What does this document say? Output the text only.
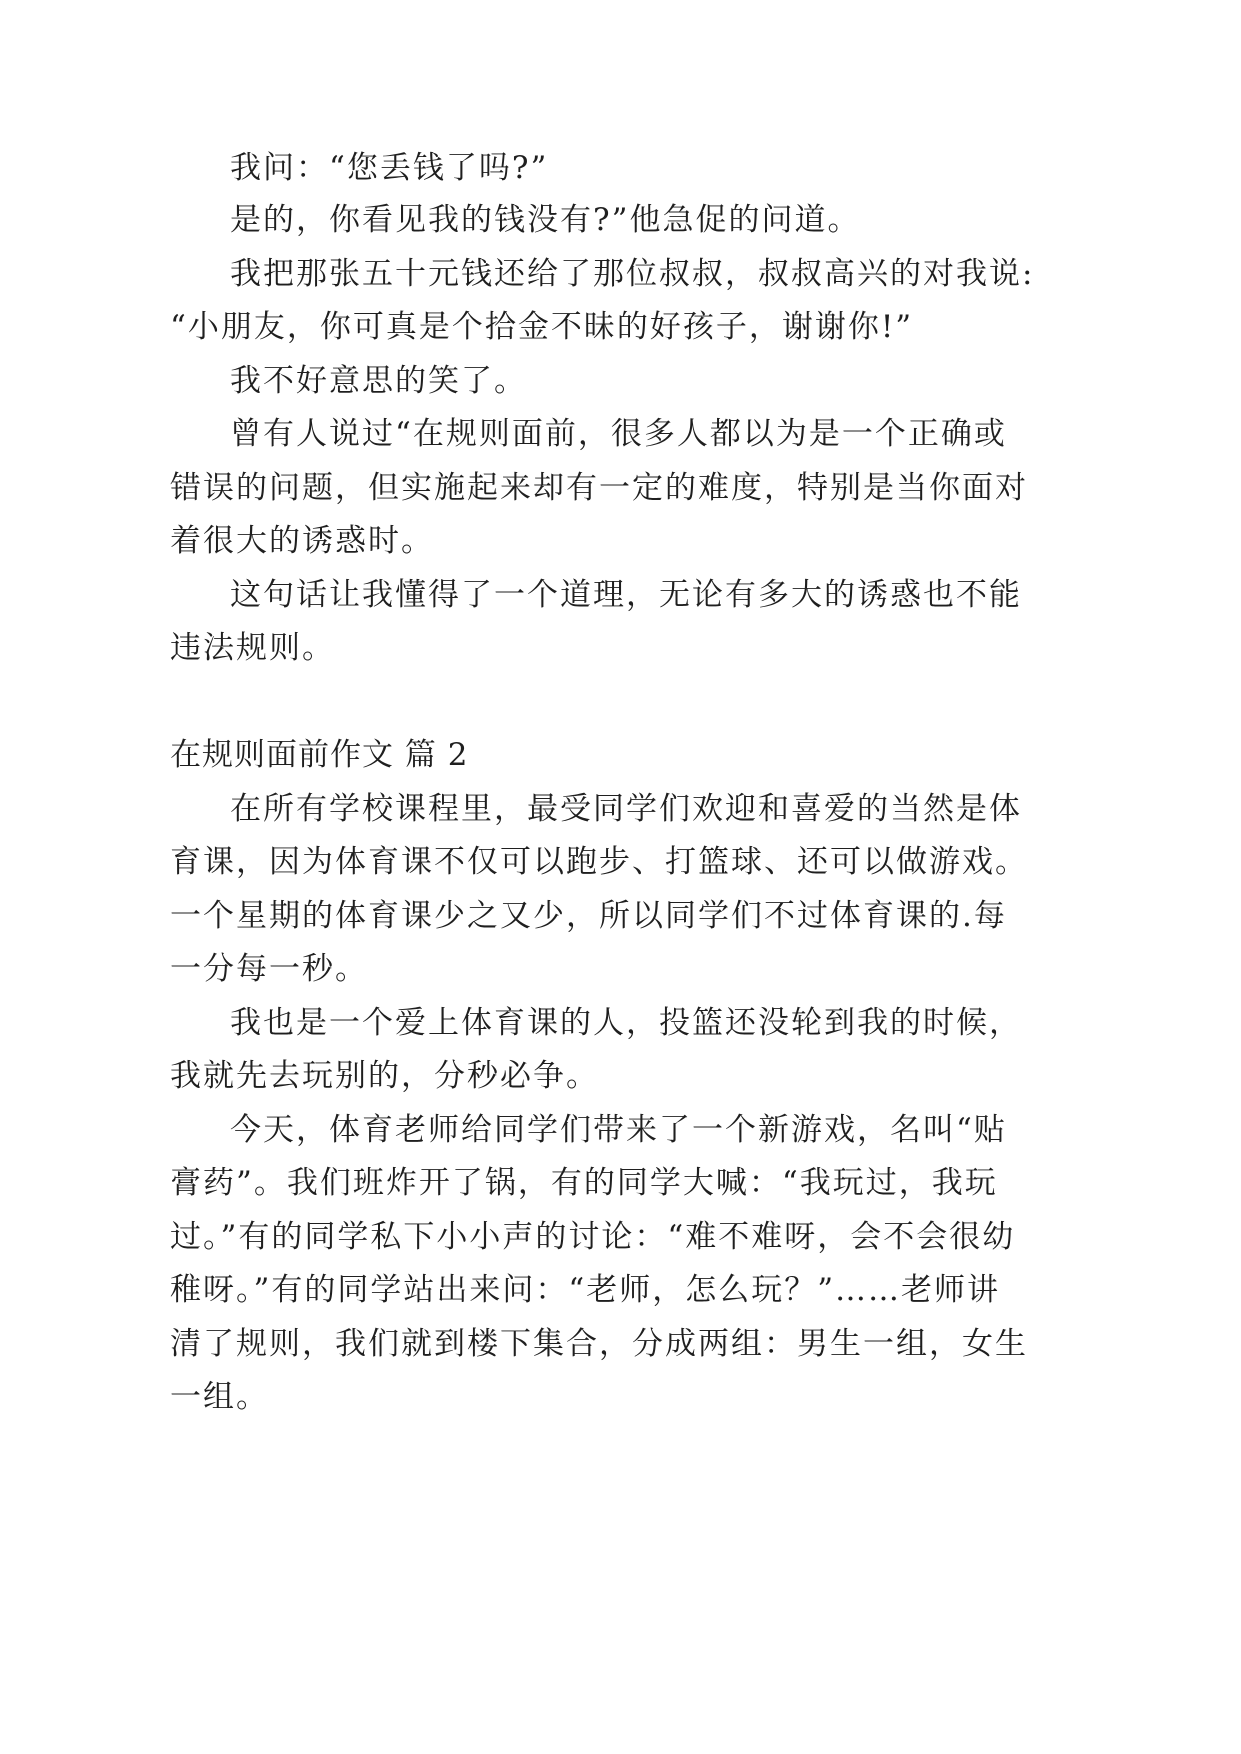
我问：“您丢钱了吗?”
是的，你看见我的钱没有?”他急促的问道。
我把那张五十元钱还给了那位叔叔，叔叔高兴的对我说:
“小朋友，你可真是个拾金不昧的好孩子，谢谢你!”
我不好意思的笑了。
曾有人说过“在规则面前，很多人都以为是一个正确或
错误的问题，但实施起来却有一定的难度，特别是当你面对
着很大的诱惑时。
这句话让我懂得了一个道理，无论有多大的诱惑也不能
违法规则。
在规则面前作文 篇 2
在所有学校课程里，最受同学们欢迎和喜爱的当然是体
育课，因为体育课不仅可以跑步、打篮球、还可以做游戏。
一个星期的体育课少之又少，所以同学们不过体育课的.每
一分每一秒。
我也是一个爱上体育课的人，投篮还没轮到我的时候，
我就先去玩别的，分秒必争。
今天，体育老师给同学们带来了一个新游戏，名叫“贴
膏药”。我们班炸开了锅，有的同学大喊：“我玩过，我玩
过。”有的同学私下小小声的讨论：“难不难呀，会不会很幼
稚呀。”有的同学站出来问：“老师，怎么玩？”……老师讲
清了规则，我们就到楼下集合，分成两组：男生一组，女生
一组。
